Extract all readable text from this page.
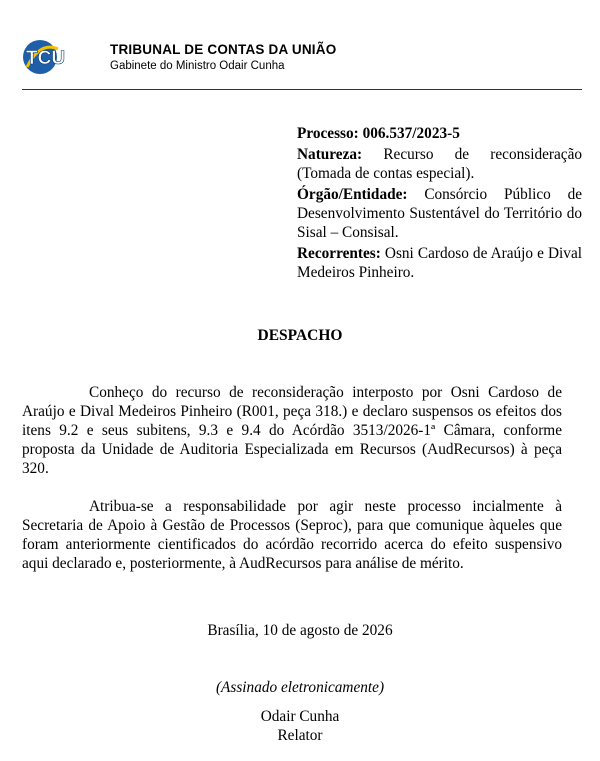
TCU	TRIBUNAL DE CONTAS DA UNIÃO
Gabinete do Ministro Odair Cunha

Processo: 006.537/2023-5

Natureza: Recurso de reconsideração (Tomada de contas especial).

Órgão/Entidade: Consórcio Público de Desenvolvimento Sustentável do Território do Sisal – Consisal.

Recorrentes: Osni Cardoso de Araújo e Dival Medeiros Pinheiro.

DESPACHO

Conheço do recurso de reconsideração interposto por Osni Cardoso de Araújo e Dival Medeiros Pinheiro (R001, peça 318.) e declaro suspensos os efeitos dos itens 9.2 e seus subitens, 9.3 e 9.4 do Acórdão 3513/2026-1ª Câmara, conforme proposta da Unidade de Auditoria Especializada em Recursos (AudRecursos) à peça 320.

Atribua-se a responsabilidade por agir neste processo incialmente à Secretaria de Apoio à Gestão de Processos (Seproc), para que comunique àqueles que foram anteriormente cientificados do acórdão recorrido acerca do efeito suspensivo aqui declarado e, posteriormente, à AudRecursos para análise de mérito.

Brasília, 10 de agosto de 2026
(Assinado eletronicamente)
Odair Cunha
Relator
